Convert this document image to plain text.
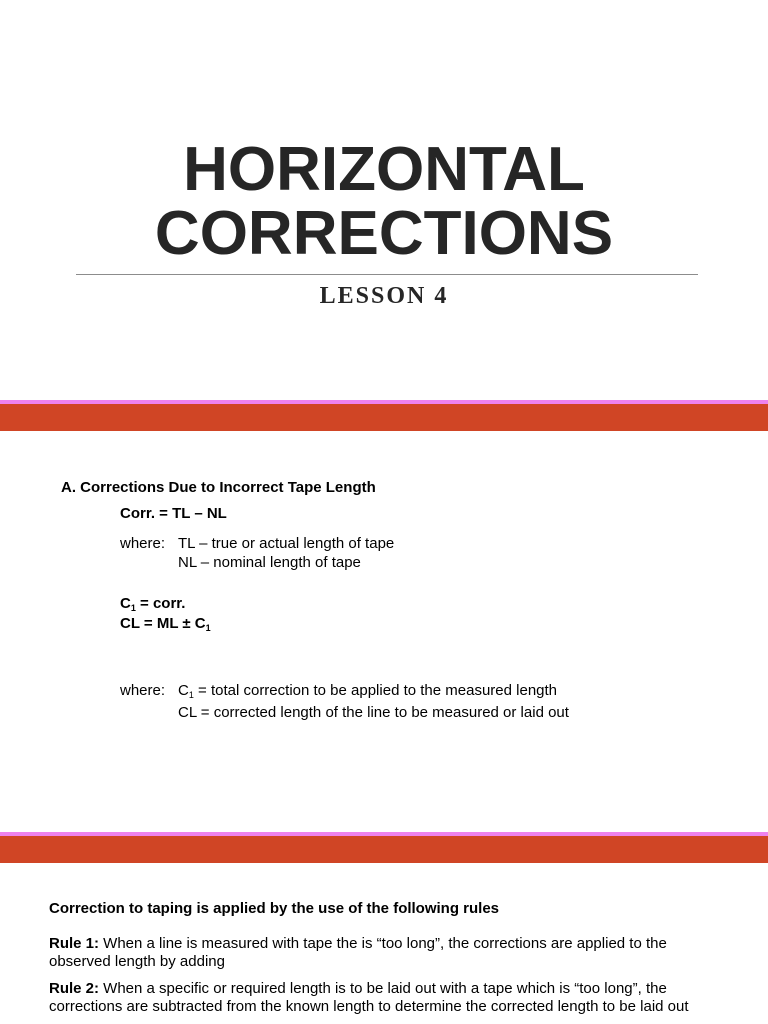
HORIZONTAL
CORRECTIONS
LESSON 4
A. Corrections Due to Incorrect Tape Length
Corr. = TL – NL
where: TL – true or actual length of tape
NL – nominal length of tape
$C_1$ = corr.
CL = ML ± $C_1$
where: $C_1$ = total correction to be applied to the measured length
CL = corrected length of the line to be measured or laid out
Correction to taping is applied by the use of the following rules
Rule 1: When a line is measured with tape the is “too long”, the corrections are applied to the observed length by adding
Rule 2: When a specific or required length is to be laid out with a tape which is “too long”, the corrections are subtracted from the known length to determine the corrected length to be laid out
